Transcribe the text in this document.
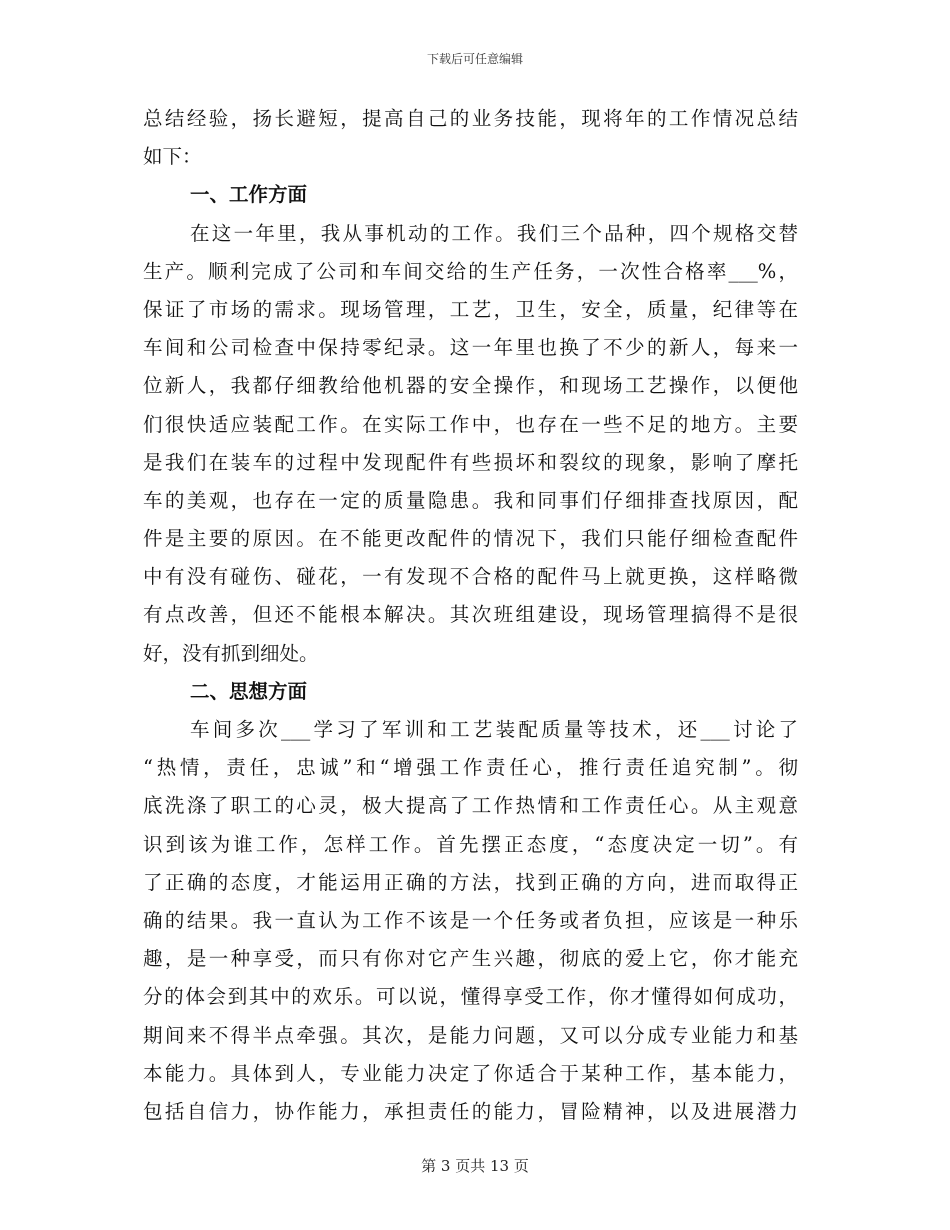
下载后可任意编辑
总结经验，扬长避短，提高自己的业务技能，现将年的工作情况总结
如下：
一、工作方面
在这一年里，我从事机动的工作。我们三个品种，四个规格交替
生产。顺利完成了公司和车间交给的生产任务，一次性合格率___%，
保证了市场的需求。现场管理，工艺，卫生，安全，质量，纪律等在
车间和公司检查中保持零纪录。这一年里也换了不少的新人，每来一
位新人，我都仔细教给他机器的安全操作，和现场工艺操作，以便他
们很快适应装配工作。在实际工作中，也存在一些不足的地方。主要
是我们在装车的过程中发现配件有些损坏和裂纹的现象，影响了摩托
车的美观，也存在一定的质量隐患。我和同事们仔细排查找原因，配
件是主要的原因。在不能更改配件的情况下，我们只能仔细检查配件
中有没有碰伤、碰花，一有发现不合格的配件马上就更换，这样略微
有点改善，但还不能根本解决。其次班组建设，现场管理搞得不是很
好，没有抓到细处。
二、思想方面
车间多次___学习了军训和工艺装配质量等技术，还___讨论了
“热情，责任，忠诚”和“增强工作责任心，推行责任追究制”。彻
底洗涤了职工的心灵，极大提高了工作热情和工作责任心。从主观意
识到该为谁工作，怎样工作。首先摆正态度，“态度决定一切”。有
了正确的态度，才能运用正确的方法，找到正确的方向，进而取得正
确的结果。我一直认为工作不该是一个任务或者负担，应该是一种乐
趣，是一种享受，而只有你对它产生兴趣，彻底的爱上它，你才能充
分的体会到其中的欢乐。可以说，懂得享受工作，你才懂得如何成功，
期间来不得半点牵强。其次，是能力问题，又可以分成专业能力和基
本能力。具体到人，专业能力决定了你适合于某种工作，基本能力，
包括自信力，协作能力，承担责任的能力，冒险精神，以及进展潜力
第 3 页共 13 页
